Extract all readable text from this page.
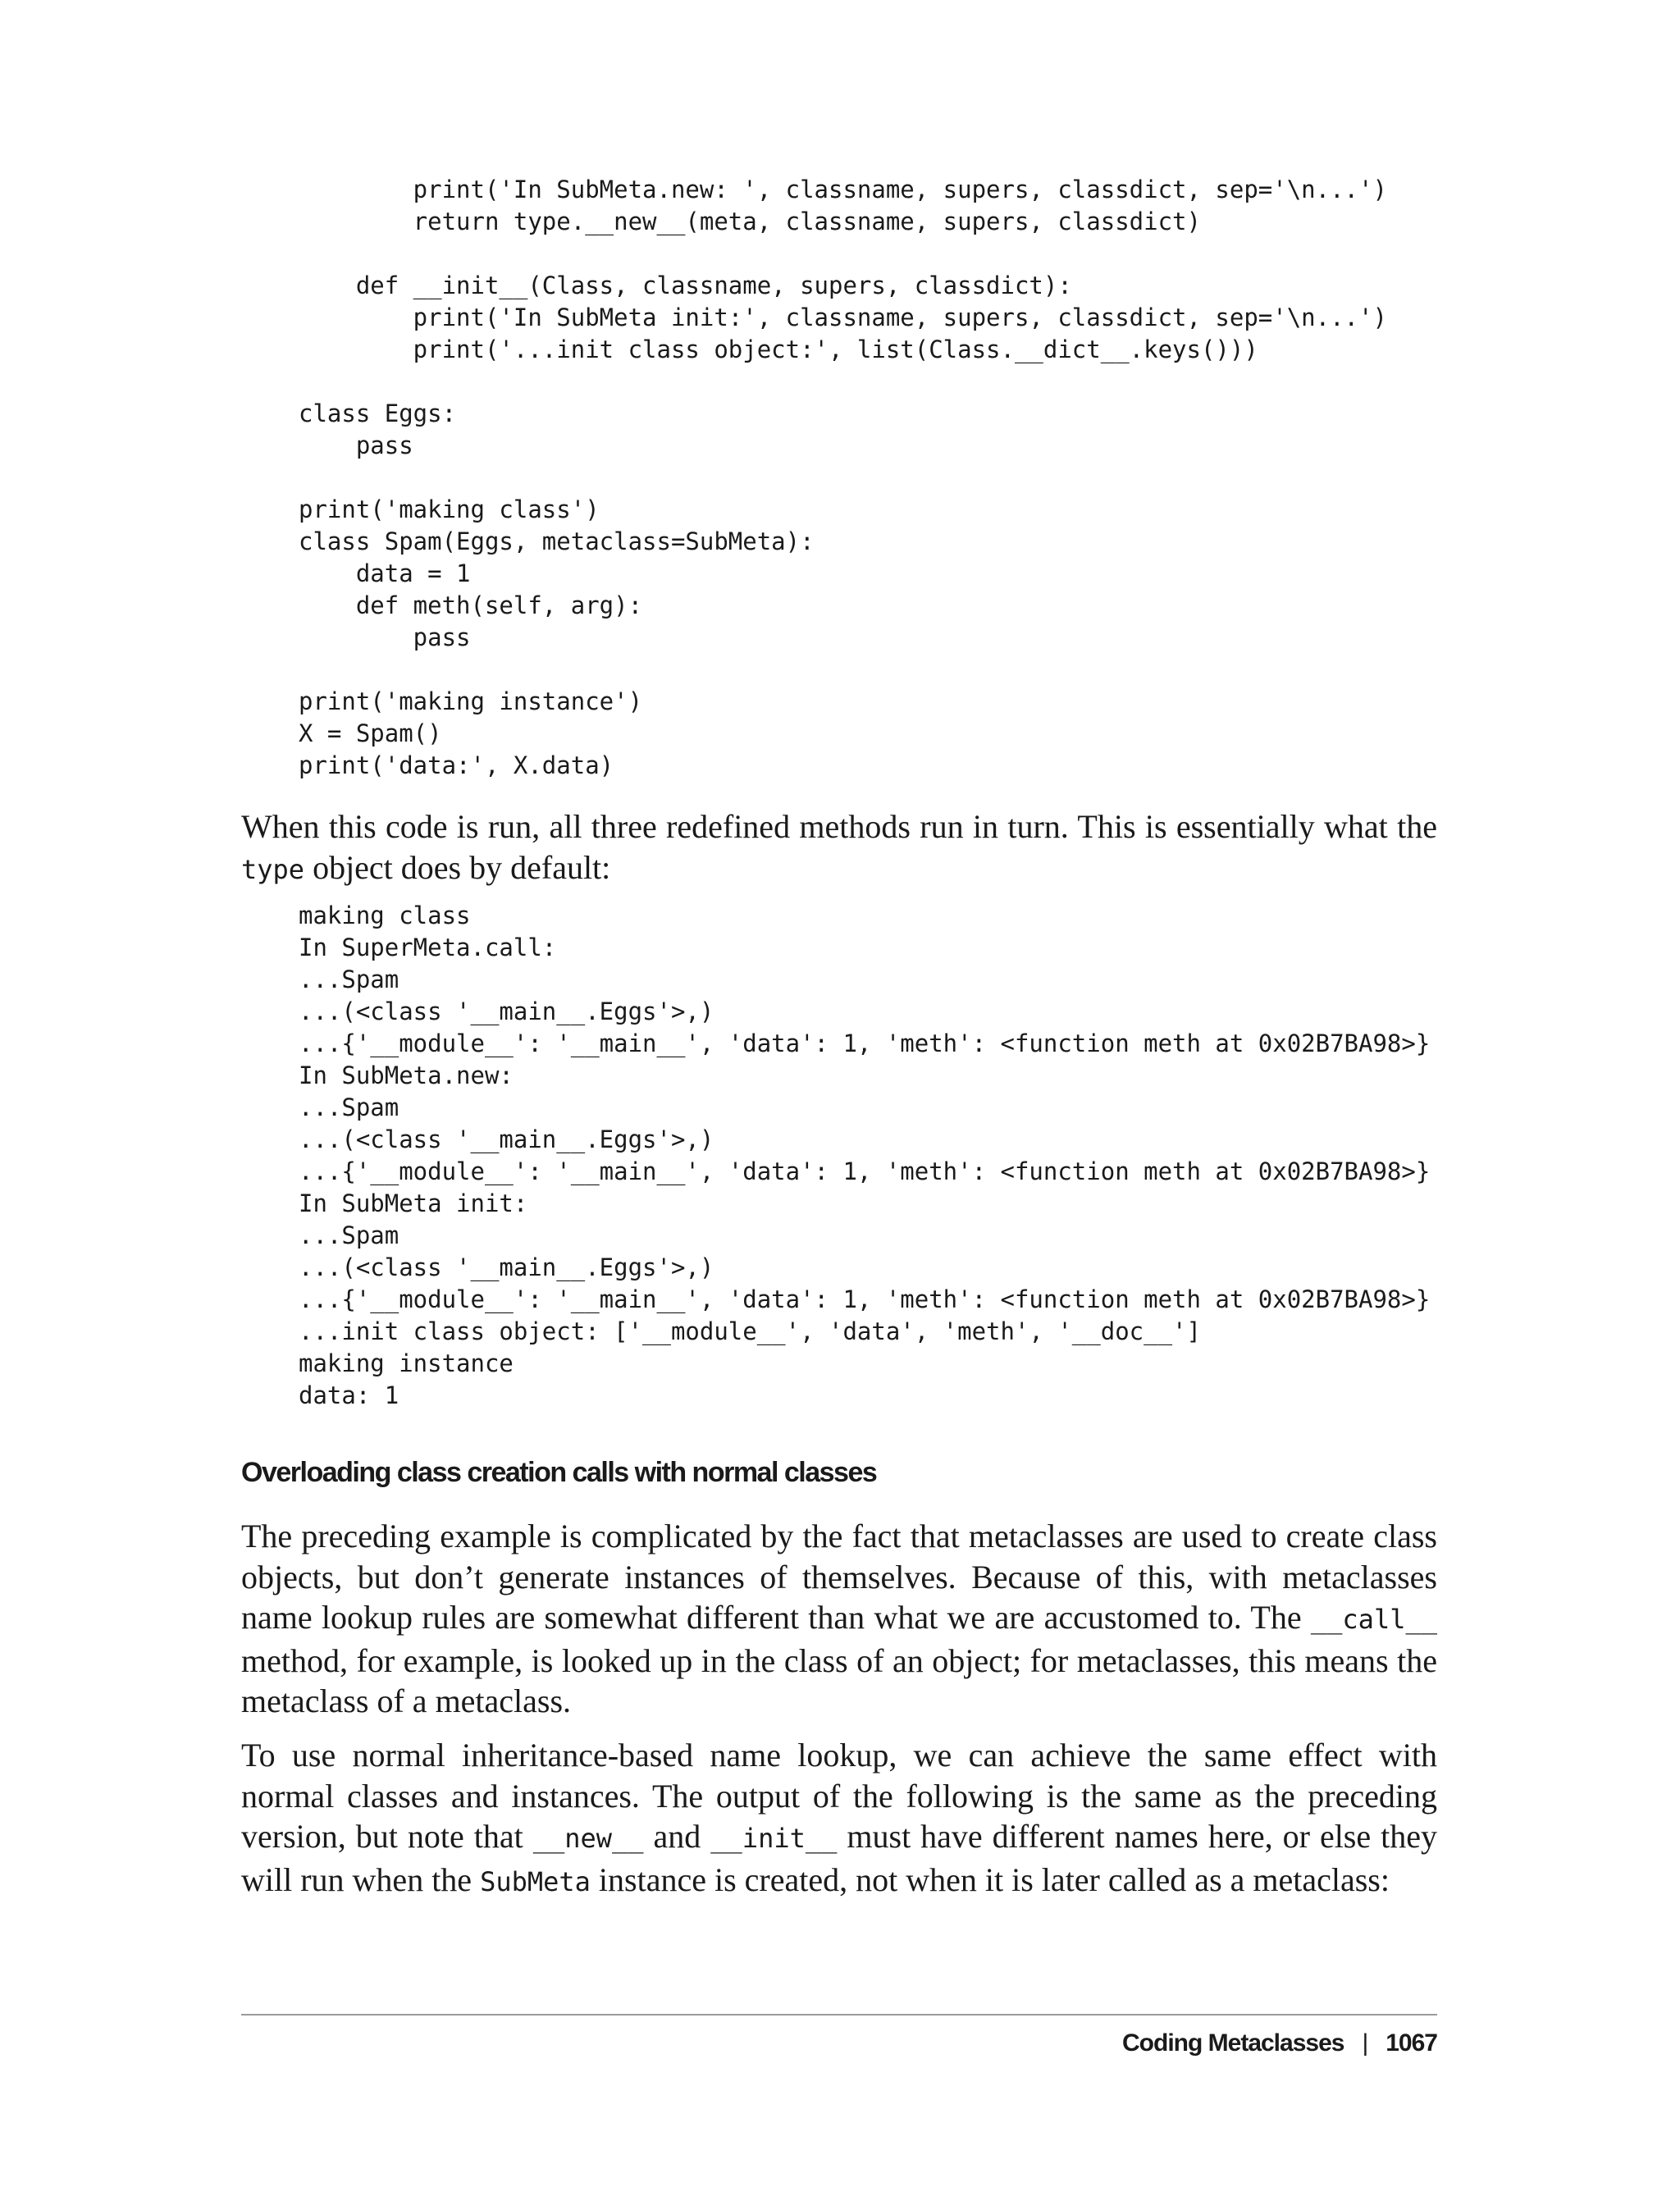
print('In SubMeta.new: ', classname, supers, classdict, sep='\n...')
return type.__new__(meta, classname, supers, classdict)

def __init__(Class, classname, supers, classdict):
print('In SubMeta init:', classname, supers, classdict, sep='\n...')
print('...init class object:', list(Class.__dict__.keys()))

class Eggs:
pass

print('making class')
class Spam(Eggs, metaclass=SubMeta):
data = 1
def meth(self, arg):
pass

print('making instance')
X = Spam()
print('data:', X.data)

When this code is run, all three redefined methods run in turn. This is essentially what the type object does by default:

making class
In SuperMeta.call:
...Spam
...(<class '__main__.Eggs'>,)
...{'__module__': '__main__', 'data': 1, 'meth': <function meth at 0x02B7BA98>}
In SubMeta.new:
...Spam
...(<class '__main__.Eggs'>,)
...{'__module__': '__main__', 'data': 1, 'meth': <function meth at 0x02B7BA98>}
In SubMeta init:
...Spam
...(<class '__main__.Eggs'>,)
...{'__module__': '__main__', 'data': 1, 'meth': <function meth at 0x02B7BA98>}
...init class object: ['__module__', 'data', 'meth', '__doc__']
making instance
data: 1

Overloading class creation calls with normal classes

The preceding example is complicated by the fact that metaclasses are used to create class objects, but don’t generate instances of themselves. Because of this, with metaclasses name lookup rules are somewhat different than what we are accustomed to. The __call__ method, for example, is looked up in the class of an object; for metaclasses, this means the metaclass of a metaclass.

To use normal inheritance-based name lookup, we can achieve the same effect with normal classes and instances. The output of the following is the same as the preceding version, but note that __new__ and __init__ must have different names here, or else they will run when the SubMeta instance is created, not when it is later called as a metaclass:

Coding Metaclasses | 1067
